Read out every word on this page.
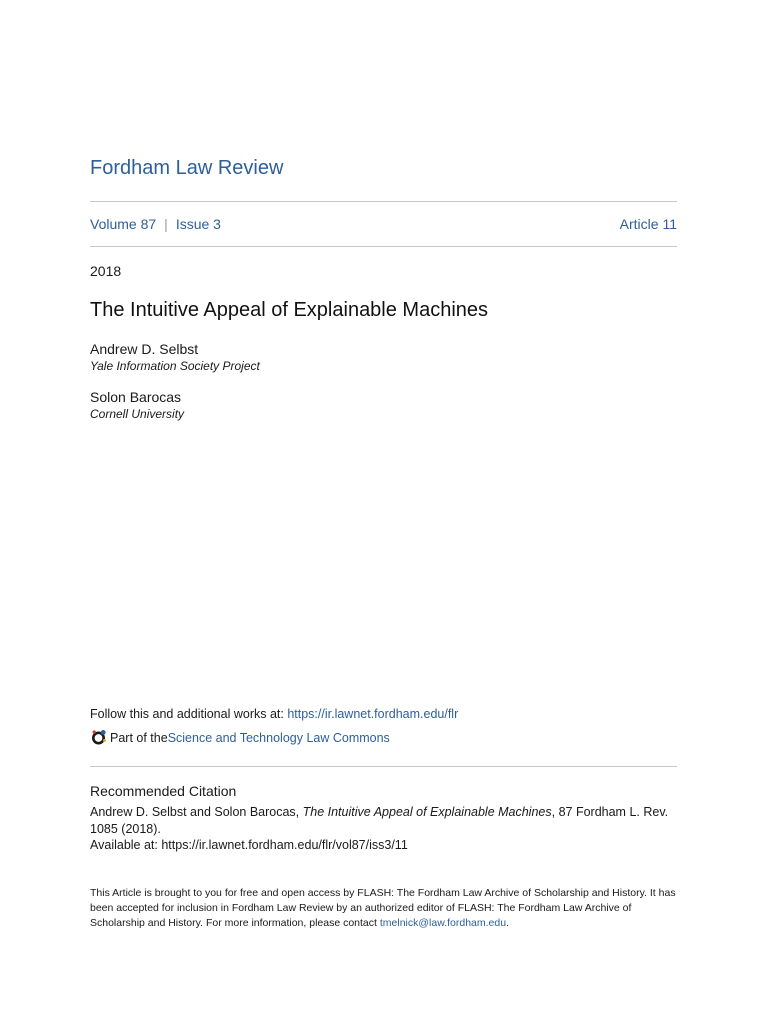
Fordham Law Review
Volume 87 | Issue 3	Article 11
2018
The Intuitive Appeal of Explainable Machines
Andrew D. Selbst
Yale Information Society Project
Solon Barocas
Cornell University
Follow this and additional works at: https://ir.lawnet.fordham.edu/flr
Part of the Science and Technology Law Commons
Recommended Citation
Andrew D. Selbst and Solon Barocas, The Intuitive Appeal of Explainable Machines, 87 Fordham L. Rev. 1085 (2018).
Available at: https://ir.lawnet.fordham.edu/flr/vol87/iss3/11
This Article is brought to you for free and open access by FLASH: The Fordham Law Archive of Scholarship and History. It has been accepted for inclusion in Fordham Law Review by an authorized editor of FLASH: The Fordham Law Archive of Scholarship and History. For more information, please contact tmelnick@law.fordham.edu.
